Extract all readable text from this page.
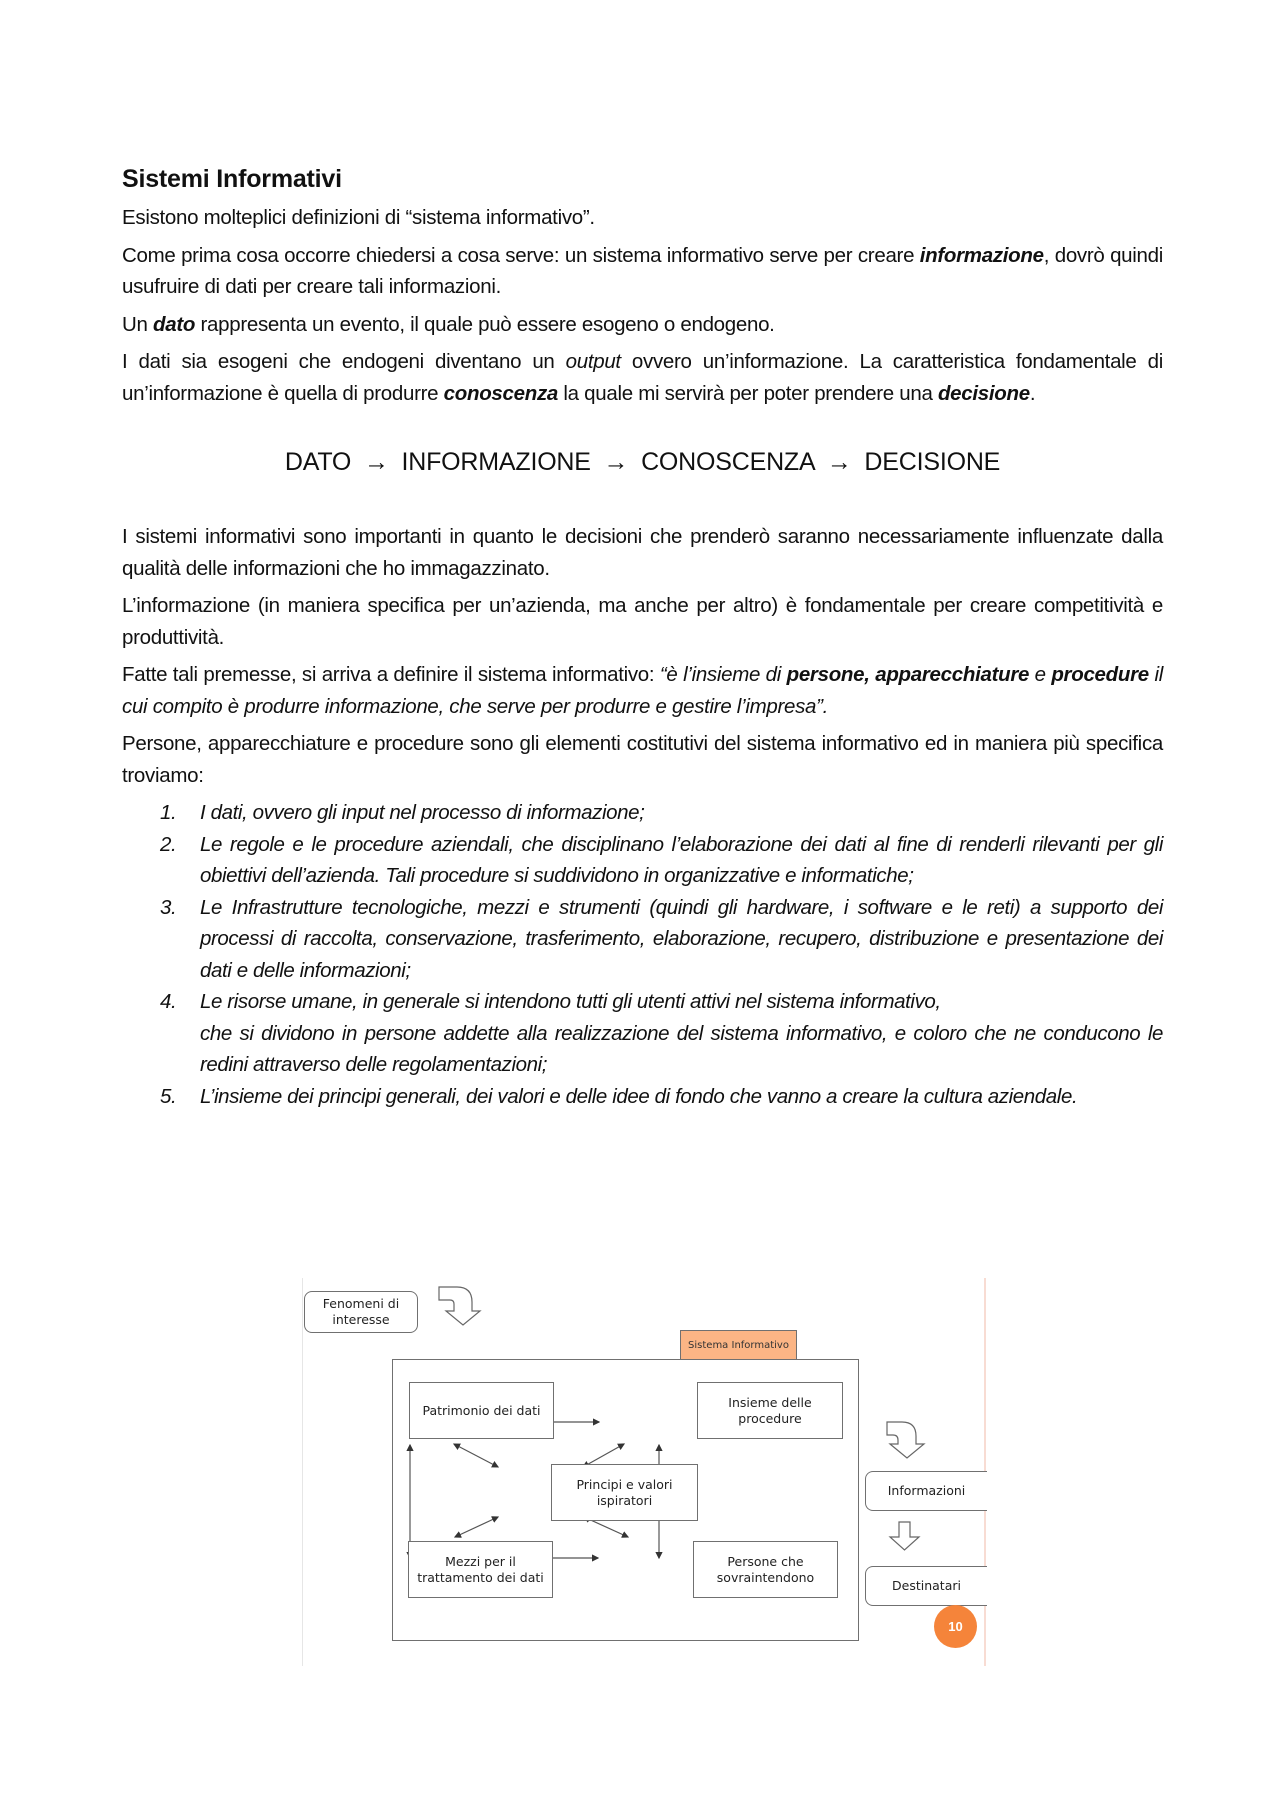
Sistemi Informativi

Esistono molteplici definizioni di “sistema informativo”.

Come prima cosa occorre chiedersi a cosa serve: un sistema informativo serve per creare informazione, dovrò quindi usufruire di dati per creare tali informazioni.

Un dato rappresenta un evento, il quale può essere esogeno o endogeno.

I dati sia esogeni che endogeni diventano un output ovvero un’informazione. La caratteristica fondamentale di un’informazione è quella di produrre conoscenza la quale mi servirà per poter prendere una decisione.

DATO → INFORMAZIONE → CONOSCENZA → DECISIONE

I sistemi informativi sono importanti in quanto le decisioni che prenderò saranno necessariamente influenzate dalla qualità delle informazioni che ho immagazzinato.

L’informazione (in maniera specifica per un’azienda, ma anche per altro) è fondamentale per creare competitività e produttività.

Fatte tali premesse, si arriva a definire il sistema informativo: “è l’insieme di persone, apparecchiature e procedure il cui compito è produrre informazione, che serve per produrre e gestire l’impresa”.

Persone, apparecchiature e procedure sono gli elementi costitutivi del sistema informativo ed in maniera più specifica troviamo:

1. I dati, ovvero gli input nel processo di informazione;
2. Le regole e le procedure aziendali, che disciplinano l’elaborazione dei dati al fine di renderli rilevanti per gli obiettivi dell’azienda. Tali procedure si suddividono in organizzative e informatiche;
3. Le Infrastrutture tecnologiche, mezzi e strumenti (quindi gli hardware, i software e le reti) a supporto dei processi di raccolta, conservazione, trasferimento, elaborazione, recupero, distribuzione e presentazione dei dati e delle informazioni;
4. Le risorse umane, in generale si intendono tutti gli utenti attivi nel sistema informativo,

che si dividono in persone addette alla realizzazione del sistema informativo, e coloro che ne conducono le redini attraverso delle regolamentazioni;
5. L’insieme dei principi generali, dei valori e delle idee di fondo che vanno a creare la cultura aziendale.
Fenomeni di interesse
Sistema Informativo
Patrimonio dei dati
Insieme delle procedure
Principi e valori ispiratori
Mezzi per il trattamento dei dati
Persone che sovraintendono
Informazioni
Destinatari
10
